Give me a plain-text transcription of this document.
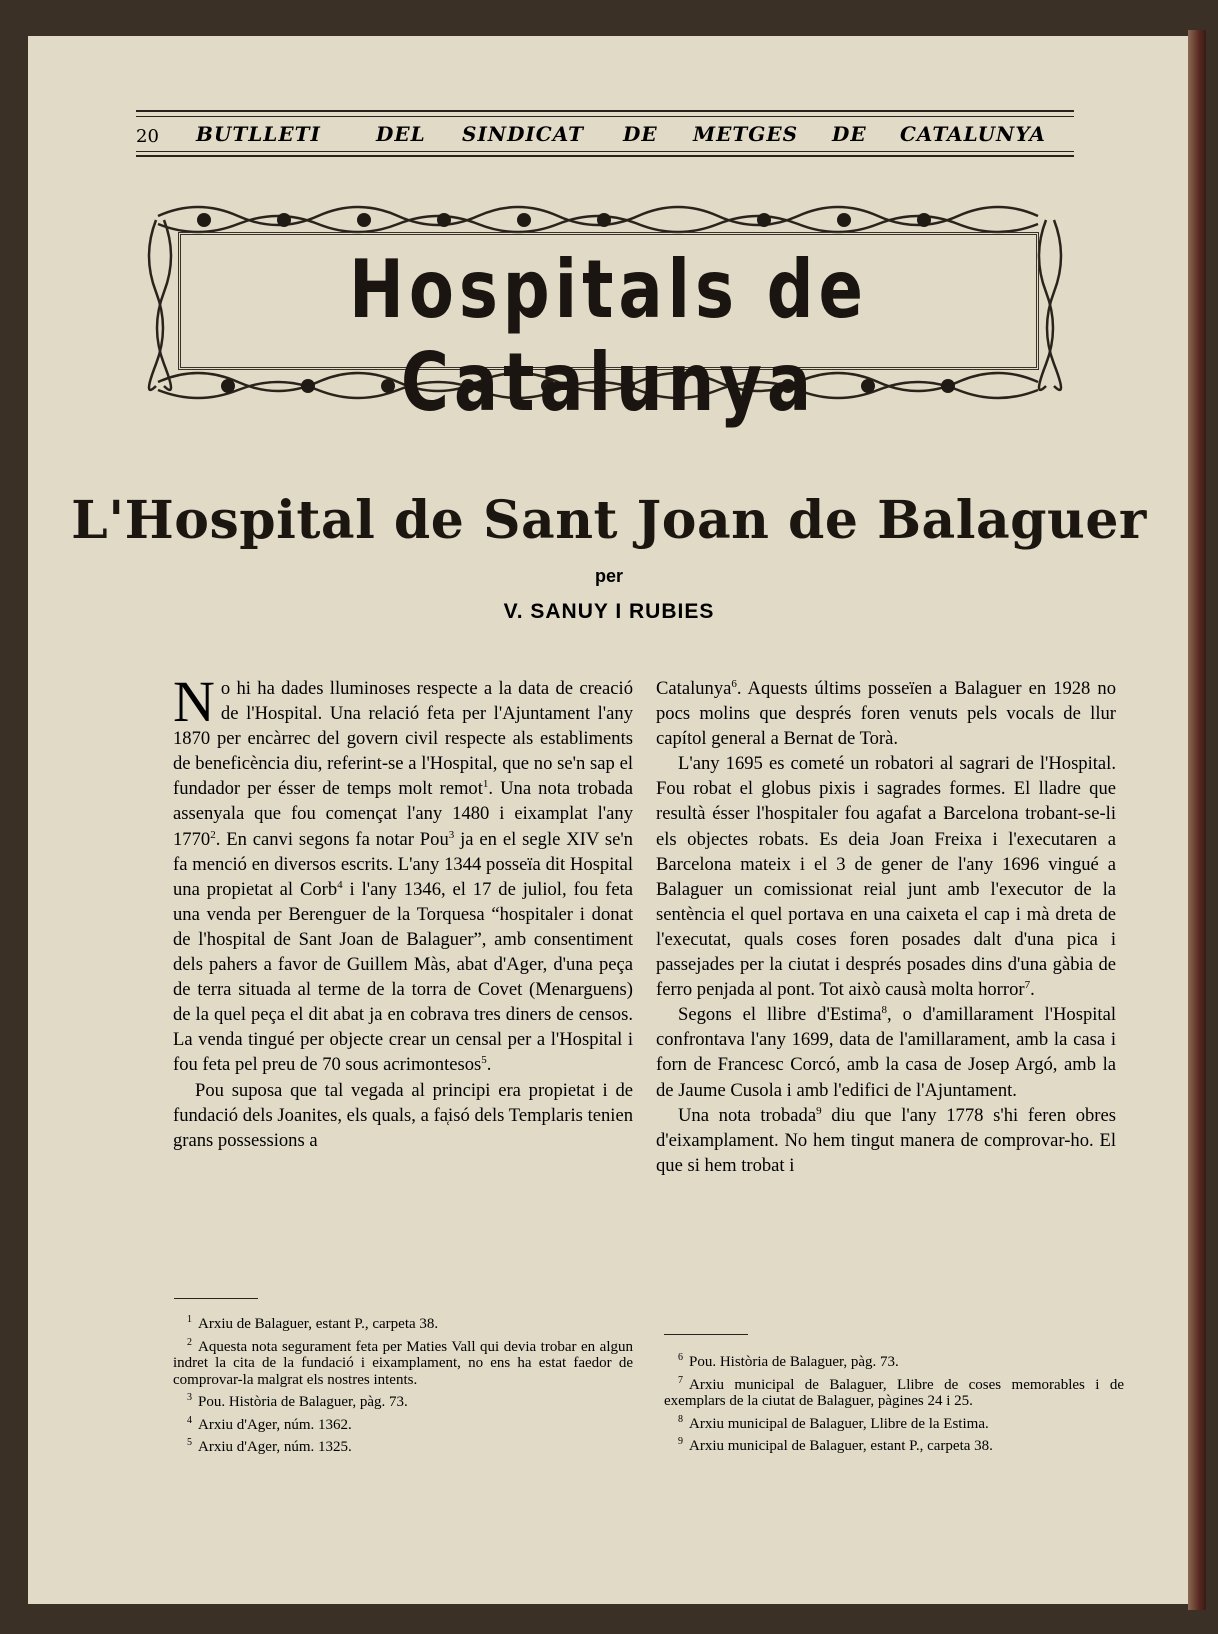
20 BUTLLETI	DEL SINDICAT DE METGES DE CATALUNYA
Hospitals de Catalunya
L'Hospital de Sant Joan de Balaguer
per
V. SANUY I RUBIES

No hi ha dades lluminoses respecte a la data de creació de l'Hospital. Una relació feta per l'Ajuntament l'any 1870 per encàrrec del govern civil respecte als establiments de beneficència diu, referint-se a l'Hospital, que no se'n sap el fundador per ésser de temps molt remot$^1$. Una nota trobada assenyala que fou començat l'any 1480 i eixamplat l'any 1770$^2$. En canvi segons fa notar Pou$^3$ ja en el segle XIV se'n fa menció en diversos escrits. L'any 1344 posseïa dit Hospital una propietat al Corb$^4$ i l'any 1346, el 17 de juliol, fou feta una venda per Berenguer de la Torquesa “hospitaler i donat de l'hospital de Sant Joan de Balaguer”, amb consentiment dels pahers a favor de Guillem Màs, abat d'Ager, d'una peça de terra situada al terme de la torra de Covet (Menarguens) de la quel peça el dit abat ja en cobrava tres diners de censos. La venda tingué per objecte crear un censal per a l'Hospital i fou feta pel preu de 70 sous acrimontesos$^5$.

Pou suposa que tal vegada al principi era propietat i de fundació dels Joanites, els quals, a fa̜isó dels Templaris tenien grans possessions a

$^1$ Arxiu de Balaguer, estant P., carpeta 38.
$^2$ Aquesta nota segurament feta per Maties Vall qui devia trobar en algun indret la cita de la fundació i eixamplament, no ens ha estat faedor de comprovar-la malgrat els nostres intents.
$^3$ Pou. Història de Balaguer, pàg. 73.
$^4$ Arxiu d'Ager, núm. 1362.
$^5$ Arxiu d'Ager, núm. 1325.

Catalunya$^6$. Aquests últims posseïen a Balaguer en 1928 no pocs molins que després foren venuts pels vocals de llur capítol general a Bernat de Torà.

L'any 1695 es cometé un robatori al sagrari de l'Hospital. Fou robat el globus pixis i sagrades formes. El lladre que resultà ésser l'hospitaler fou agafat a Barcelona trobant-se-li els objectes robats. Es deia Joan Freixa i l'executaren a Barcelona mateix i el 3 de gener de l'any 1696 vingué a Balaguer un comissionat reial junt amb l'executor de la sentència el quel portava en una caixeta el cap i mà dreta de l'executat, quals coses foren posades dalt d'una pica i passejades per la ciutat i després posades dins d'una gàbia de ferro penjada al pont. Tot això causà molta horror$^7$.

Segons el llibre d'Estima$^8$, o d'amillarament l'Hospital confrontava l'any 1699, data de l'amillarament, amb la casa i forn de Francesc Corcó, amb la casa de Josep Argó, amb la de Jaume Cusola i amb l'edifici de l'Ajuntament.

Una nota trobada$^9$ diu que l'any 1778 s'hi feren obres d'eixamplament. No hem tingut manera de comprovar-ho. El que si hem trobat i

$^6$ Pou. Història de Balaguer, pàg. 73.
$^7$ Arxiu municipal de Balaguer, Llibre de coses memorables i de exemplars de la ciutat de Balaguer, pàgines 24 i 25.
$^8$ Arxiu municipal de Balaguer, Llibre de la Estima.
$^9$ Arxiu municipal de Balaguer, estant P., carpeta 38.
